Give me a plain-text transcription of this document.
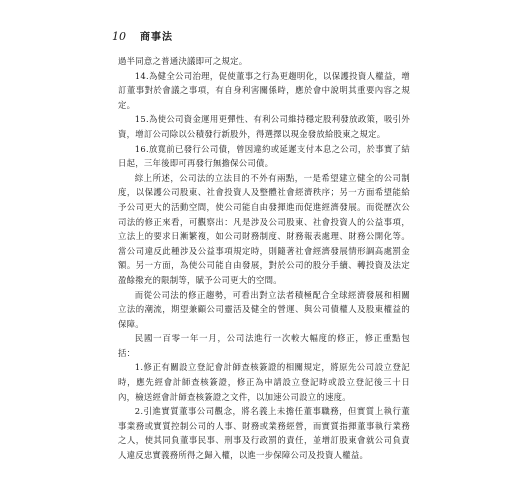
10 商事法

過半同意之普通決議即可之規定。

14.為健全公司治理，促使董事之行為更趨明化，以保護投資人權益，增訂董事對於會議之事項，有自身利害關係時，應於會中說明其重要內容之規定。

15.為使公司資金運用更彈性、有利公司維持穩定股利發放政策，吸引外資，增訂公司除以公積發行新股外，得選擇以現金發放給股東之規定。

16.放寬前已發行公司債，曾因違約或延遲支付本息之公司，於事實了結日起，三年後即可再發行無擔保公司債。

綜上所述，公司法的立法目的不外有兩點，一是希望建立健全的公司制度，以保護公司股東、社會投資人及整體社會經濟秩序；另一方面希望能給予公司更大的活動空間，使公司能自由發揮進而促進經濟發展。而從歷次公司法的修正來看，可觀察出：凡是涉及公司股東、社會投資人的公益事項，立法上的要求日漸繁複，如公司財務制度、財務報表處理、財務公開化等。當公司違反此種涉及公益事項規定時，則隨著社會經濟發展情形調高處罰金額。另一方面，為使公司能自由發展，對於公司的股分手續、轉投資及法定盈餘撥充的限制等，賦予公司更大的空間。

而從公司法的修正趨勢，可看出對立法者積極配合全球經濟發展和相關立法的潮流，期望兼顧公司靈活及健全的營運、與公司債權人及股東權益的保障。

民國一百零一年一月，公司法進行一次較大幅度的修正，修正重點包括：

1.修正有關設立登記會計師查核簽證的相關規定，將原先公司設立登記時，應先經會計師查核簽證，修正為申請設立登記時或設立登記後三十日內，檢送經會計師查核簽證之文件，以加速公司設立的速度。

2.引進實質董事公司觀念，將名義上未擔任董事職務，但實質上執行董事業務或實質控制公司的人事、財務或業務經營，而實質指揮董事執行業務之人，使其同負董事民事、刑事及行政罰的責任，並增訂股東會就公司負責人違反忠實義務所得之歸入權，以進一步保障公司及投資人權益。
